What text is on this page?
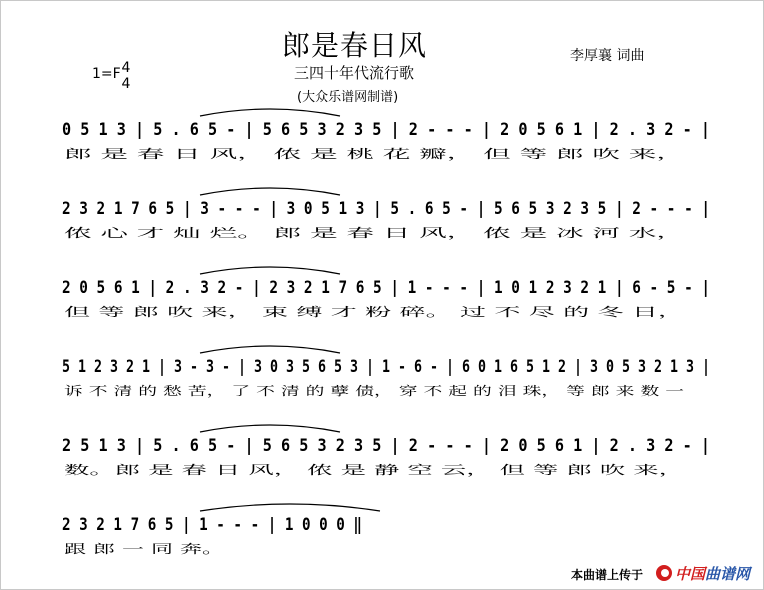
郎是春日风
三四十年代流行歌
(大众乐谱网制谱)
李厚襄 词曲
1=F 4
4
0 5 1 3 | 5 . 6 5 - | 5 6 5 3 2 3 5 | 2 - - - | 2 0 5 6 1 | 2 . 3 2 - |
郎 是 春 日 风， 侬 是 桃 花 瓣， 但 等 郎 吹 来，
2 3 2 1 7 6 5 | 3 - - - | 3 0 5 1 3 | 5 . 6 5 - | 5 6 5 3 2 3 5 | 2 - - - |
侬 心 才 灿 烂。 郎 是 春 日 风， 侬 是 冰 河 水，
2 0 5 6 1 | 2 . 3 2 - | 2 3 2 1 7 6 5 | 1 - - - | 1 0 1 2 3 2 1 | 6 - 5 - |
但 等 郎 吹 来， 束 缚 才 粉 碎。 过 不 尽 的 冬 日，
5 1 2 3 2 1 | 3 - 3 - | 3 0 3 5 6 5 3 | 1 - 6 - | 6 0 1 6 5 1 2 | 3 0 5 3 2 1 3 |
诉 不 清 的 愁 苦， 了 不 清 的 孽 债， 穿 不 起 的 泪 珠， 等 郎 来 数 一
2 5 1 3 | 5 . 6 5 - | 5 6 5 3 2 3 5 | 2 - - - | 2 0 5 6 1 | 2 . 3 2 - |
数。郎 是 春 日 风， 侬 是 静 空 云， 但 等 郎 吹 来，
2 3 2 1 7 6 5 | 1 - - - | 1 0 0 0 ‖
跟 郎 一 同 奔。
本曲谱上传于 中国曲谱网
